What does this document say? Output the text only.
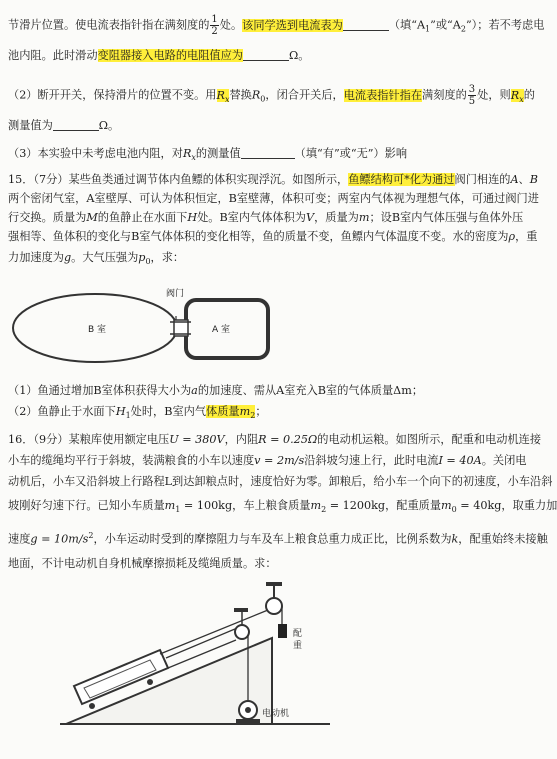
节滑片位置。使电流表指针指在满刻度的 $\frac{1}{2}$ 处。该同学选到电流表为	（填“$A_1$”或“$A_2$”）；若不考虑电
池内阻。此时滑动变阻器接入电路的电阻值应为	Ω。
（2）断开开关，保持滑片的位置不变。用$R_x$替换$R_0$，闭合开关后，电流表指针指在满刻度的 $\frac{3}{5}$ 处，则$R_x$的
测量值为	Ω。
（3）本实验中未考虑电池内阻，对$R_x$的测量值	（填“有”或“无”）影响
15．（7分）某些鱼类通过调节体内鱼鳔的体积实现浮沉。如图所示，鱼鳔结构可*化为通过阀门相连的A、B
两个密闭气室，A室壁厚、可认为体积恒定，B室壁薄，体积可变；两室内气体视为理想气体，可通过阀门进
行交换。质量为M的鱼静止在水面下H处。B室内气体体积为V，质量为m；设B室内气体压强与鱼体外压
强相等、鱼体积的变化与B室气体体积的变化相等，鱼的质量不变，鱼鳔内气体温度不变。水的密度为ρ，重
力加速度为g。大气压强为$p_0$，求：
阀门
B 室	A 室
（1）鱼通过增加B室体积获得大小为a的加速度、需从A室充入B室的气体质量Δm；
（2）鱼静止于水面下$H_1$处时，B室内气体质量$m_2$；
16．（9分）某粮库使用额定电压U = 380V，内阻R = 0.25Ω的电动机运粮。如图所示，配重和电动机连接
小车的缆绳均平行于斜坡，装满粮食的小车以速度v = 2m/s沿斜坡匀速上行，此时电流I = 40A。关闭电
动机后，小车又沿斜坡上行路程L到达卸粮点时，速度恰好为零。卸粮后，给小车一个向下的初速度，小车沿斜
坡刚好匀速下行。已知小车质量$m_1 = 100kg$，车上粮食质量$m_2 = 1200kg$，配重质量$m_0 = 40kg$，取重力加
速度$g = 10m/s^2$，小车运动时受到的摩擦阻力与车及车上粮食总重力成正比，比例系数为k，配重始终未接触
地面，不计电动机自身机械摩擦损耗及缆绳质量。求：
配
重
电动机
